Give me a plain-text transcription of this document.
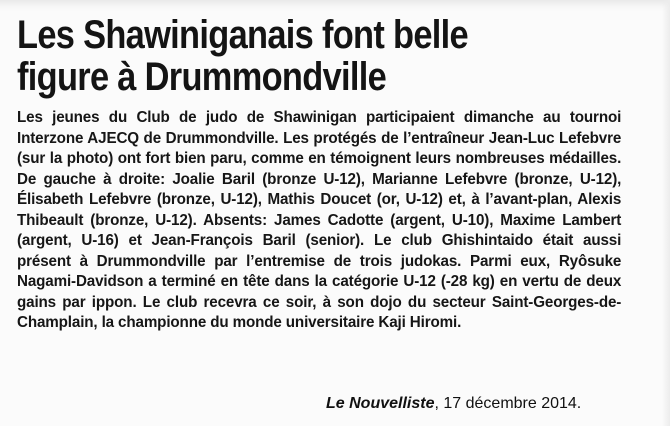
Les Shawiniganais font belle
figure à Drummondville

Les jeunes du Club de judo de Shawinigan participaient dimanche au tournoi Interzone AJECQ de Drummondville. Les protégés de l’entraîneur Jean-Luc Lefebvre (sur la photo) ont fort bien paru, comme en témoignent leurs nombreuses médailles. De gauche à droite: Joalie Baril (bronze U-12), Marianne Lefebvre (bronze, U-12), Élisabeth Lefebvre (bronze, U-12), Mathis Doucet (or, U-12) et, à l’avant-plan, Alexis Thibeault (bronze, U-12). Absents: James Cadotte (argent, U-10), Maxime Lambert (argent, U-16) et Jean-François Baril (senior). Le club Ghishintaido était aussi présent à Drummondville par l’entremise de trois judokas. Parmi eux, Ryôsuke Nagami-Davidson a terminé en tête dans la catégorie U-12 (-28 kg) en vertu de deux gains par ippon. Le club recevra ce soir, à son dojo du secteur Saint-Georges-de-Champlain, la championne du monde universitaire Kaji Hiromi.

Le Nouvelliste, 17 décembre 2014.
